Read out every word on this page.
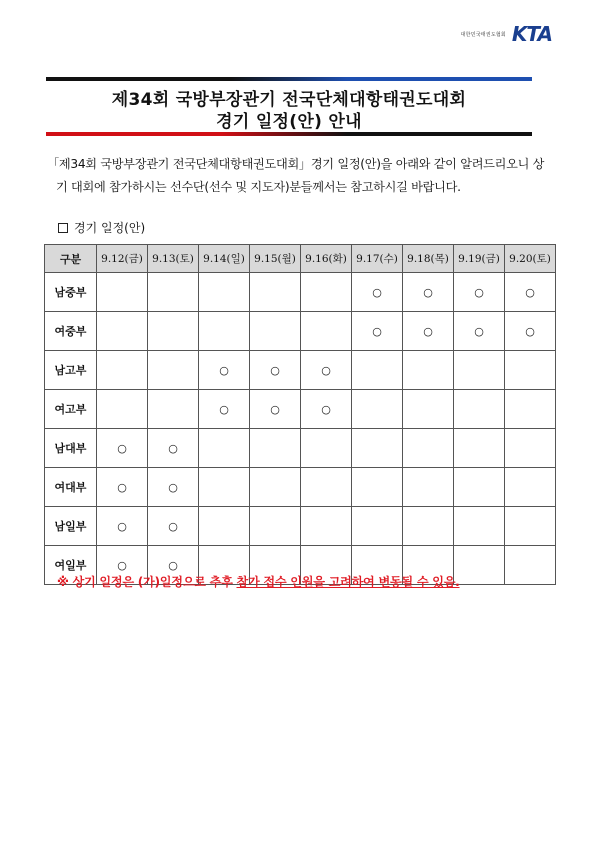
대한민국태권도협회 KTA
제34회 국방부장관기 전국단체대항태권도대회
경기 일정(안) 안내

「제34회 국방부장관기 전국단체대항태권도대회」경기 일정(안)을 아래와 같이 알려드리오니 상

기 대회에 참가하시는 선수단(선수 및 지도자)분들께서는 참고하시길 바랍니다.

경기 일정(안)
구분	9.12(금)	9.13(토)	9.14(일)	9.15(월)	9.16(화)	9.17(수)	9.18(목)	9.19(금)	9.20(토)
남중부						○	○	○	○
여중부						○	○	○	○
남고부			○	○	○				
여고부			○	○	○				
남대부	○	○							
여대부	○	○							
남일부	○	○							
여일부	○	○							
※ 상기 일정은 (가)일정으로 추후 참가 접수 인원을 고려하여 변동될 수 있음.
